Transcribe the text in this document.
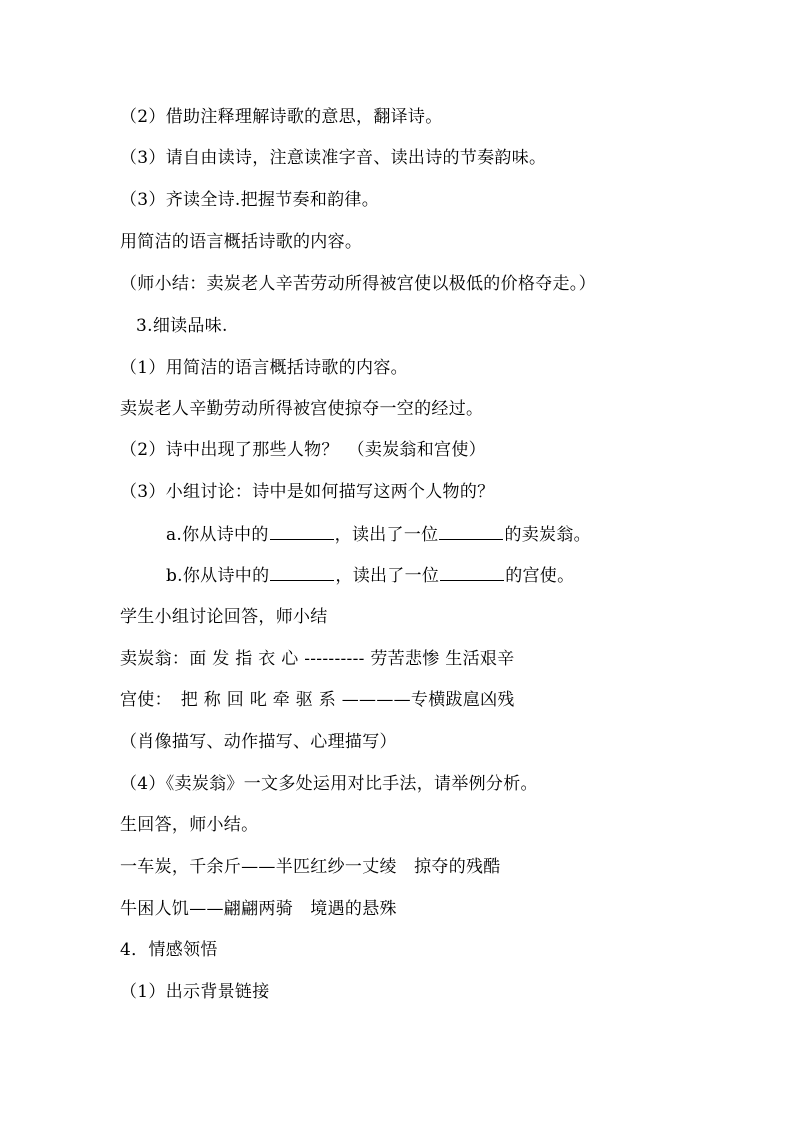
（2）借助注释理解诗歌的意思，翻译诗。
（3）请自由读诗，注意读准字音、读出诗的节奏韵味。
（3）齐读全诗.把握节奏和韵律。
用简洁的语言概括诗歌的内容。
（师小结：卖炭老人辛苦劳动所得被宫使以极低的价格夺走。）
3.细读品味.
（1）用简洁的语言概括诗歌的内容。
卖炭老人辛勤劳动所得被宫使掠夺一空的经过。
（2）诗中出现了那些人物？　（卖炭翁和宫使）
（3）小组讨论：诗中是如何描写这两个人物的？
a.你从诗中的	，读出了一位	的卖炭翁。
b.你从诗中的	，读出了一位	的宫使。
学生小组讨论回答，师小结
卖炭翁：面 发 指 衣 心 ---------- 劳苦悲惨 生活艰辛
宫使：　把 称 回 叱 牵 驱 系 ————专横跋扈凶残
（肖像描写、动作描写、心理描写）
（4）《卖炭翁》一文多处运用对比手法，请举例分析。
生回答，师小结。
一车炭，千余斤——半匹红纱一丈绫　掠夺的残酷
牛困人饥——翩翩两骑　境遇的悬殊
4．情感领悟
（1）出示背景链接
